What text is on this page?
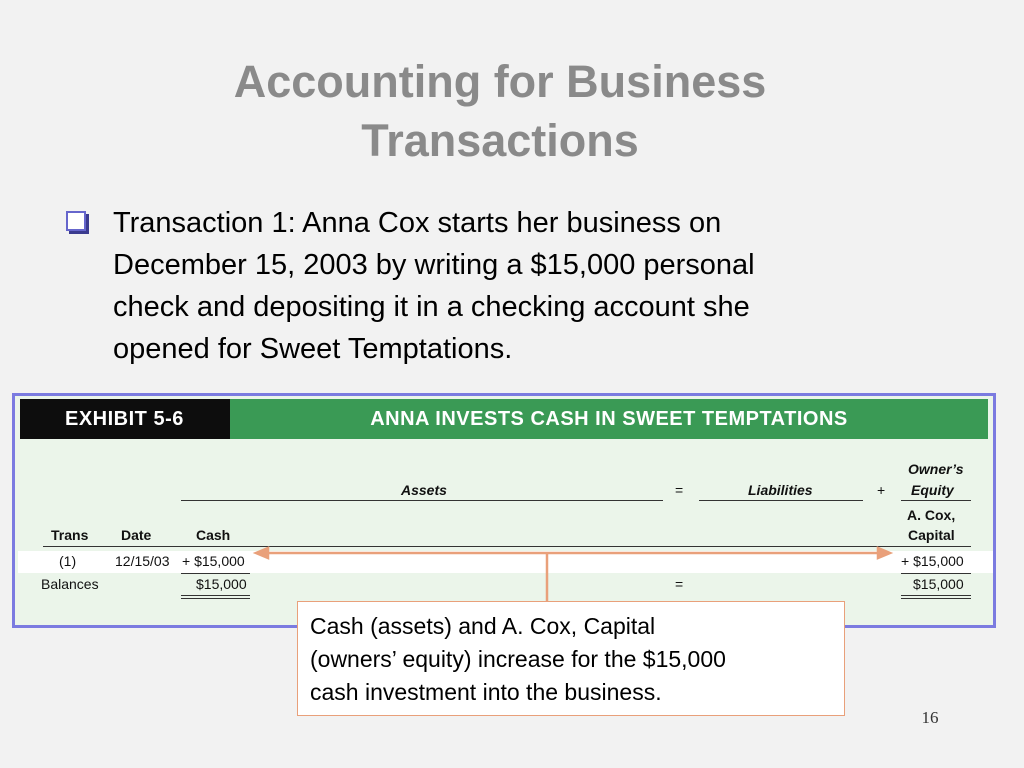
Accounting for Business
Transactions
Transaction 1: Anna Cox starts her business on
December 15, 2003 by writing a $15,000 personal
check and depositing it in a checking account she
opened for Sweet Temptations.
EXHIBIT 5-6	ANNA INVESTS CASH IN SWEET TEMPTATIONS
Assets	=	Liabilities	+
Owner’s
Equity
Trans Date	Cash
A. Cox,
Capital
(1)	12/15/03 + $15,000	+ $15,000
Balances	$15,000	=	$15,000
Cash (assets) and A. Cox, Capital
(owners’ equity) increase for the $15,000
cash investment into the business.
16
